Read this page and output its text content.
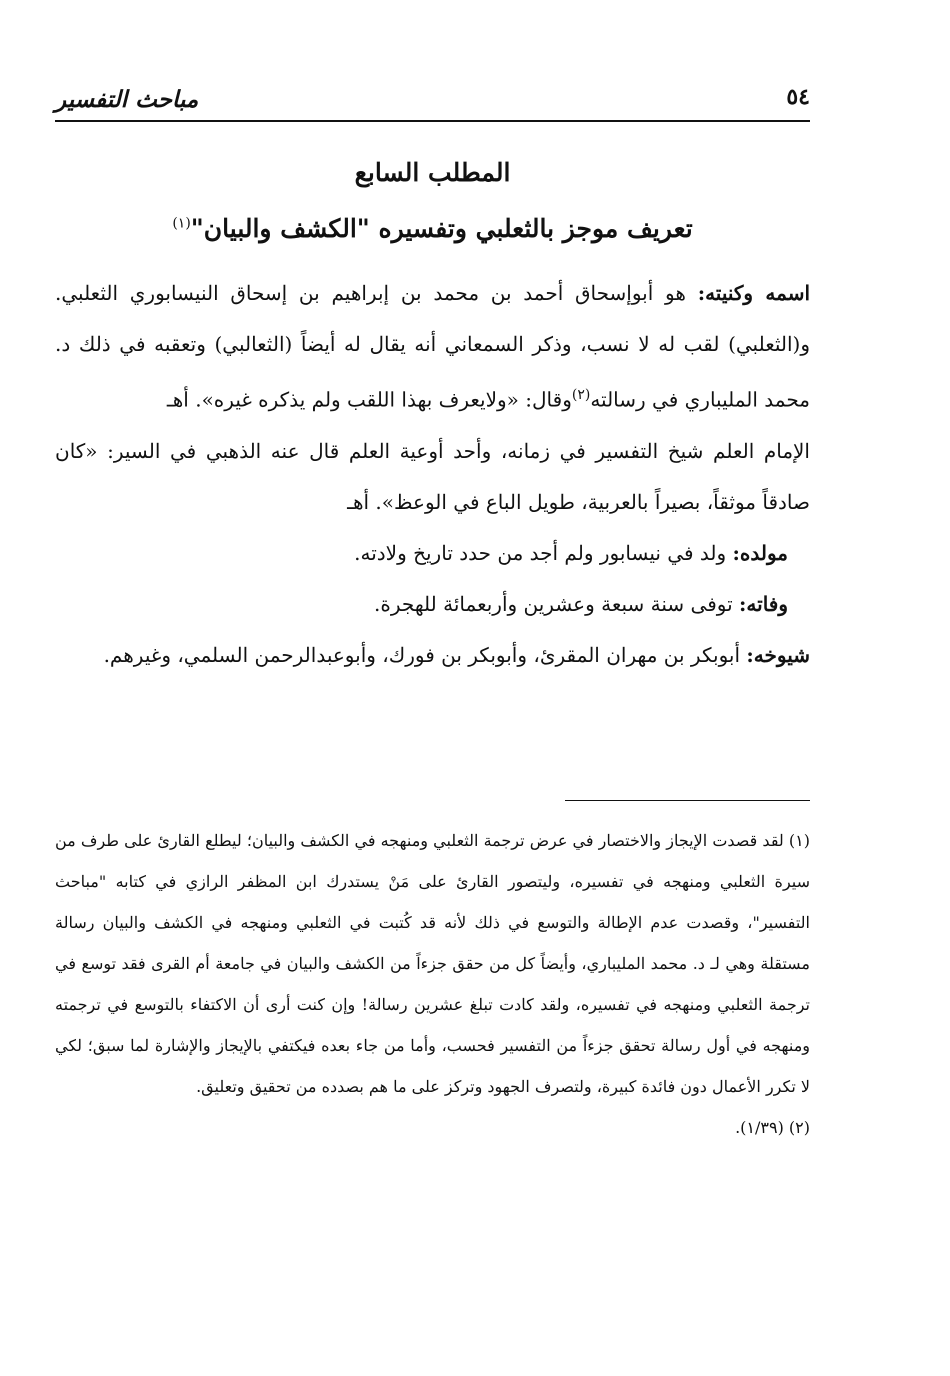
٥٤
مباحث التفسير
المطلب السابع
تعريف موجز بالثعلبي وتفسيره "الكشف والبيان"$^{(١)}$

اسمه وكنيته: هو أبوإسحاق أحمد بن محمد بن إبراهيم بن إسحاق النيسابوري الثعلبي. و(الثعلبي) لقب له لا نسب، وذكر السمعاني أنه يقال له أيضاً (الثعالبي) وتعقبه في ذلك د. محمد المليباري في رسالته$^{(٢)}$وقال: «ولايعرف بهذا اللقب ولم يذكره غيره». أهـ

الإمام العلم شيخ التفسير في زمانه، وأحد أوعية العلم قال عنه الذهبي في السير: «كان صادقاً موثقاً، بصيراً بالعربية، طويل الباع في الوعظ». أهـ

مولده: ولد في نيسابور ولم أجد من حدد تاريخ ولادته.

وفاته: توفى سنة سبعة وعشرين وأربعمائة للهجرة.

شيوخه: أبوبكر بن مهران المقرئ، وأبوبكر بن فورك، وأبوعبدالرحمن السلمي، وغيرهم.

(١) لقد قصدت الإيجاز والاختصار في عرض ترجمة الثعلبي ومنهجه في الكشف والبيان؛ ليطلع القارئ على طرف من سيرة الثعلبي ومنهجه في تفسيره، وليتصور القارئ على مَنْ يستدرك ابن المظفر الرازي في كتابه "مباحث التفسير"، وقصدت عدم الإطالة والتوسع في ذلك لأنه قد كُتبت في الثعلبي ومنهجه في الكشف والبيان رسالة مستقلة وهي لـ د. محمد المليباري، وأيضاً كل من حقق جزءاً من الكشف والبيان في جامعة أم القرى فقد توسع في ترجمة الثعلبي ومنهجه في تفسيره، ولقد كادت تبلغ عشرين رسالة! وإن كنت أرى أن الاكتفاء بالتوسع في ترجمته ومنهجه في أول رسالة تحقق جزءاً من التفسير فحسب، وأما من جاء بعده فيكتفي بالإيجاز والإشارة لما سبق؛ لكي لا تكرر الأعمال دون فائدة كبيرة، ولتصرف الجهود وتركز على ما هم بصدده من تحقيق وتعليق.

(٢) (١/٣٩).
